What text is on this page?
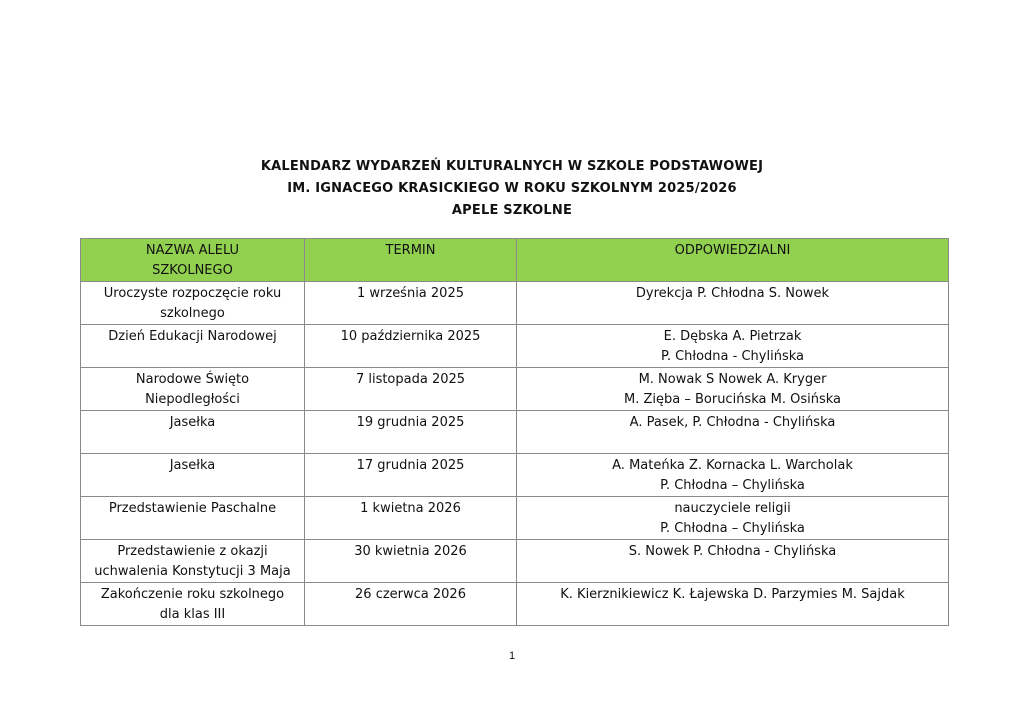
KALENDARZ WYDARZEŃ KULTURALNYCH W SZKOLE PODSTAWOWEJ
IM. IGNACEGO KRASICKIEGO W ROKU SZKOLNYM 2025/2026
APELE SZKOLNE
NAZWA ALELU
SZKOLNEGO	TERMIN	ODPOWIEDZIALNI

Uroczyste rozpoczęcie roku
szkolnego	1 września 2025	Dyrekcja P. Chłodna S. Nowek

Dzień Edukacji Narodowej	10 października 2025	E. Dębska A. Pietrzak
P. Chłodna - Chylińska

Narodowe Święto
Niepodległości	7 listopada 2025	M. Nowak S Nowek A. Kryger
M. Zięba – Borucińska M. Osińska

Jasełka	19 grudnia 2025	A. Pasek, P. Chłodna - Chylińska

Jasełka	17 grudnia 2025	A. Mateńka Z. Kornacka L. Warcholak
P. Chłodna – Chylińska

Przedstawienie Paschalne	1 kwietna 2026	nauczyciele religii
P. Chłodna – Chylińska

Przedstawienie z okazji
uchwalenia Konstytucji 3 Maja	30 kwietnia 2026	S. Nowek P. Chłodna - Chylińska

Zakończenie roku szkolnego
dla klas III	26 czerwca 2026	K. Kierznikiewicz K. Łajewska D. Parzymies M. Sajdak
1
